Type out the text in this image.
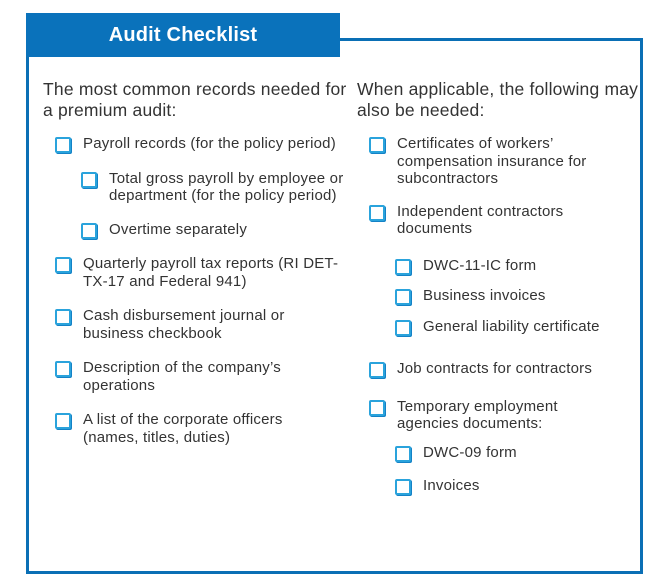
Audit Checklist

The most common records needed for a premium audit:

Payroll records (for the policy period)
Total gross payroll by employee or department (for the policy period)
Overtime separately
Quarterly payroll tax reports (RI DET-TX-17 and Federal 941)
Cash disbursement journal or business checkbook
Description of the company’s operations
A list of the corporate officers (names, titles, duties)

When applicable, the following may also be needed:

Certificates of workers’ compensation insurance for subcontractors
Independent contractors documents
DWC-11-IC form
Business invoices
General liability certificate
Job contracts for contractors
Temporary employment agencies documents:
DWC-09 form
Invoices
